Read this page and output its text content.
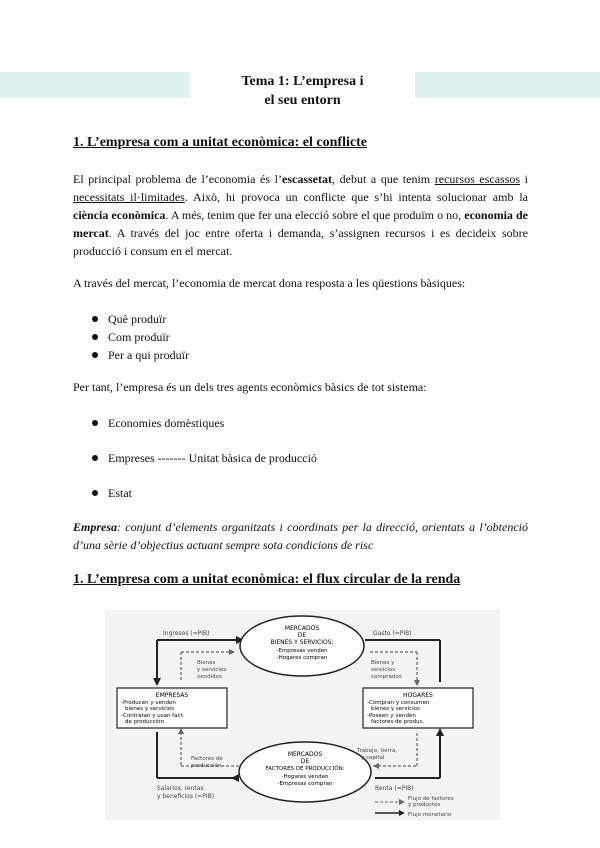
Tema 1: L’empresa i
el seu entorn
1. L’empresa com a unitat econòmica: el conflicte

El principal problema de l’economia és l’escassetat, debut a que tenim recursos escassos i necessitats il·limitades. Això, hi provoca un conflicte que s’hi intenta solucionar amb la ciència econòmica. A més, tenim que fer una elecció sobre el que produïm o no, economia de mercat. A través del joc entre oferta i demanda, s’assignen recursos i es decideix sobre producció i consum en el mercat.

A través del mercat, l’economia de mercat dona resposta a les qüestions bàsiques:

Què produïr
Com produïr
Per a qui produïr

Per tant, l’empresa és un dels tres agents econòmics bàsics de tot sistema:

Economies domèstiques
Empreses ------- Unitat bàsica de producció
Estat

Empresa: conjunt d’elements organitzats i coordinats per la direcció, orientats a l’obtenció d’una sèrie d’objectius actuant sempre sota condicions de risc

1. L’empresa com a unitat econòmica: el flux circular de la renda
MERCADOS
DE
BIENES Y SERVICIOS:
-Empresas venden
-Hogares compran
MERCADOS
DE
FACTORES DE PRODUCCIÓN:
-Hogares venden
-Empresas compran
EMPRESAS
-Producen y venden
bienes y servicios
-Contratan y usan fact.
de producción
HOGARES
-Compran y consumen
bienes y servicios
-Poseen y venden
factores de produc.
Ingresos (=PIB)	Gasto (=PIB)
Bienes
y servicios
vendidos
Bienes y
servicios
comprados
Factores de
producción
Trabajo, tierra,
y capital
Salarios, rentas
y beneficios (=PIB)
Renta (=PIB)
Flujo de factores
y productos
Flujo monetario
